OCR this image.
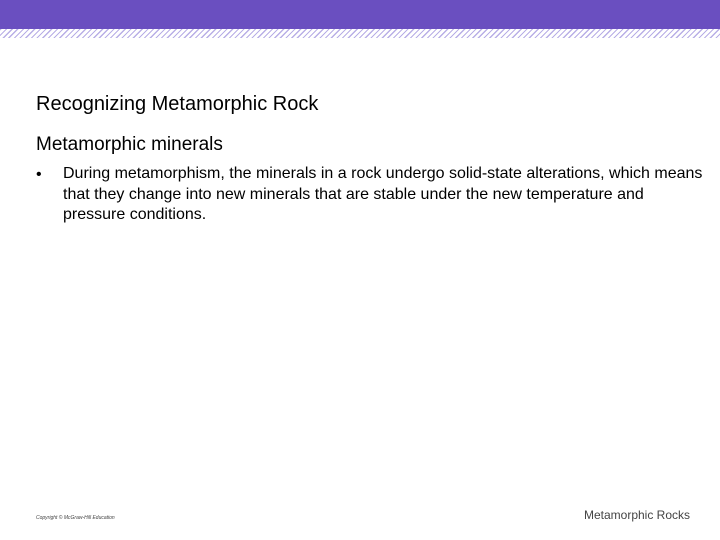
Recognizing Metamorphic Rock
Metamorphic minerals
• During metamorphism, the minerals in a rock undergo solid-state alterations, which means that they change into new minerals that are stable under the new temperature and pressure conditions.
Copyright © McGraw-Hill Education	Metamorphic Rocks
